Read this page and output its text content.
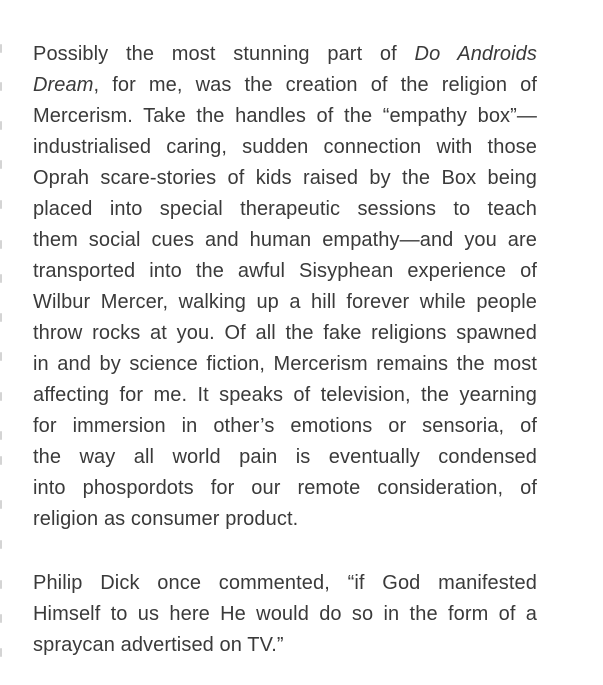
Possibly the most stunning part of Do Androids
Dream, for me, was the creation of the religion of
Mercerism. Take the handles of the “empathy box”—
industrialised caring, sudden connection with those
Oprah scare-stories of kids raised by the Box being
placed into special therapeutic sessions to teach
them social cues and human empathy—and you are
transported into the awful Sisyphean experience of
Wilbur Mercer, walking up a hill forever while people
throw rocks at you. Of all the fake religions spawned
in and by science fiction, Mercerism remains the most
affecting for me. It speaks of television, the yearning
for immersion in other’s emotions or sensoria, of
the way all world pain is eventually condensed
into phospordots for our remote consideration, of
religion as consumer product.
Philip Dick once commented, “if God manifested
Himself to us here He would do so in the form of a
spraycan advertised on TV.”
